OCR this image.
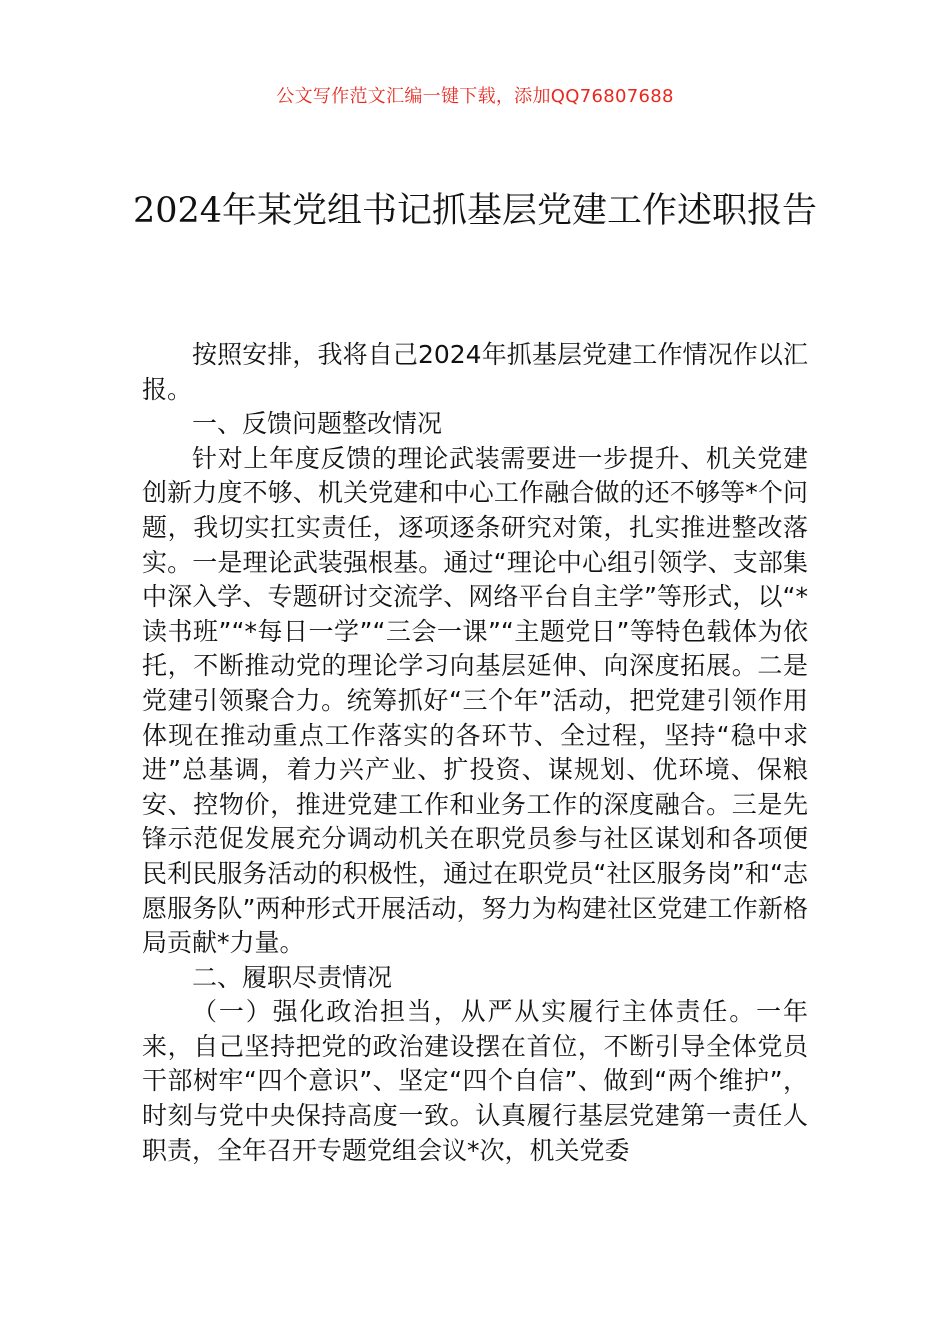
公文写作范文汇编一键下载，添加QQ76807688
2024年某党组书记抓基层党建工作述职报告

按照安排，我将自己2024年抓基层党建工作情况作以汇报。

一、反馈问题整改情况

针对上年度反馈的理论武装需要进一步提升、机关党建创新力度不够、机关党建和中心工作融合做的还不够等*个问题，我切实扛实责任，逐项逐条研究对策，扎实推进整改落实。一是理论武装强根基。通过“理论中心组引领学、支部集中深入学、专题研讨交流学、网络平台自主学”等形式，以“*读书班”“*每日一学”“三会一课”“主题党日”等特色载体为依托，不断推动党的理论学习向基层延伸、向深度拓展。二是党建引领聚合力。统筹抓好“三个年”活动，把党建引领作用体现在推动重点工作落实的各环节、全过程，坚持“稳中求进”总基调，着力兴产业、扩投资、谋规划、优环境、保粮安、控物价，推进党建工作和业务工作的深度融合。三是先锋示范促发展充分调动机关在职党员参与社区谋划和各项便民利民服务活动的积极性，通过在职党员“社区服务岗”和“志愿服务队”两种形式开展活动，努力为构建社区党建工作新格局贡献*力量。

二、履职尽责情况

（一）强化政治担当，从严从实履行主体责任。一年来，自己坚持把党的政治建设摆在首位，不断引导全体党员干部树牢“四个意识”、坚定“四个自信”、做到“两个维护”，时刻与党中央保持高度一致。认真履行基层党建第一责任人职责，全年召开专题党组会议*次，机关党委
